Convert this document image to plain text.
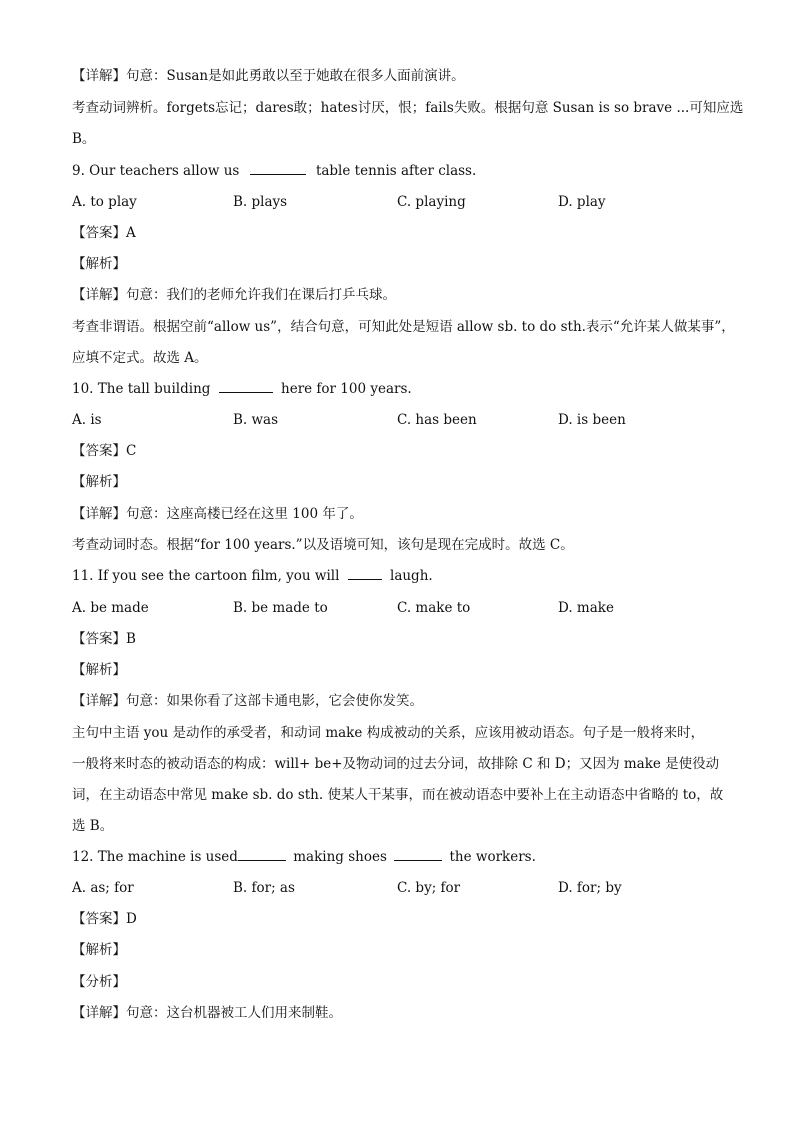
【详解】句意：Susan是如此勇敢以至于她敢在很多人面前演讲。
考查动词辨析。forgets忘记；dares敢；hates讨厌，恨；fails失败。根据句意 Susan is so brave ...可知应选
B。
9. Our teachers allow us	table tennis after class.
A. to play	B. plays	C. playing	D. play
【答案】A
【解析】
【详解】句意：我们的老师允许我们在课后打乒乓球。
考查非谓语。根据空前“allow us”，结合句意，可知此处是短语 allow sb. to do sth.表示“允许某人做某事”，
应填不定式。故选 A。
10. The tall building	here for 100 years.
A. is	B. was	C. has been	D. is been
【答案】C
【解析】
【详解】句意：这座高楼已经在这里 100 年了。
考查动词时态。根据“for 100 years.”以及语境可知，该句是现在完成时。故选 C。
11. If you see the cartoon film, you will	laugh.
A. be made	B. be made to	C. make to	D. make
【答案】B
【解析】
【详解】句意：如果你看了这部卡通电影，它会使你发笑。
主句中主语 you 是动作的承受者，和动词 make 构成被动的关系，应该用被动语态。句子是一般将来时，
一般将来时态的被动语态的构成：will+ be+及物动词的过去分词，故排除 C 和 D；又因为 make 是使役动
词，在主动语态中常见 make sb. do sth. 使某人干某事，而在被动语态中要补上在主动语态中省略的 to，故
选 B。
12. The machine is used	making shoes	the workers.
A. as; for	B. for; as	C. by; for	D. for; by
【答案】D
【解析】
【分析】
【详解】句意：这台机器被工人们用来制鞋。
